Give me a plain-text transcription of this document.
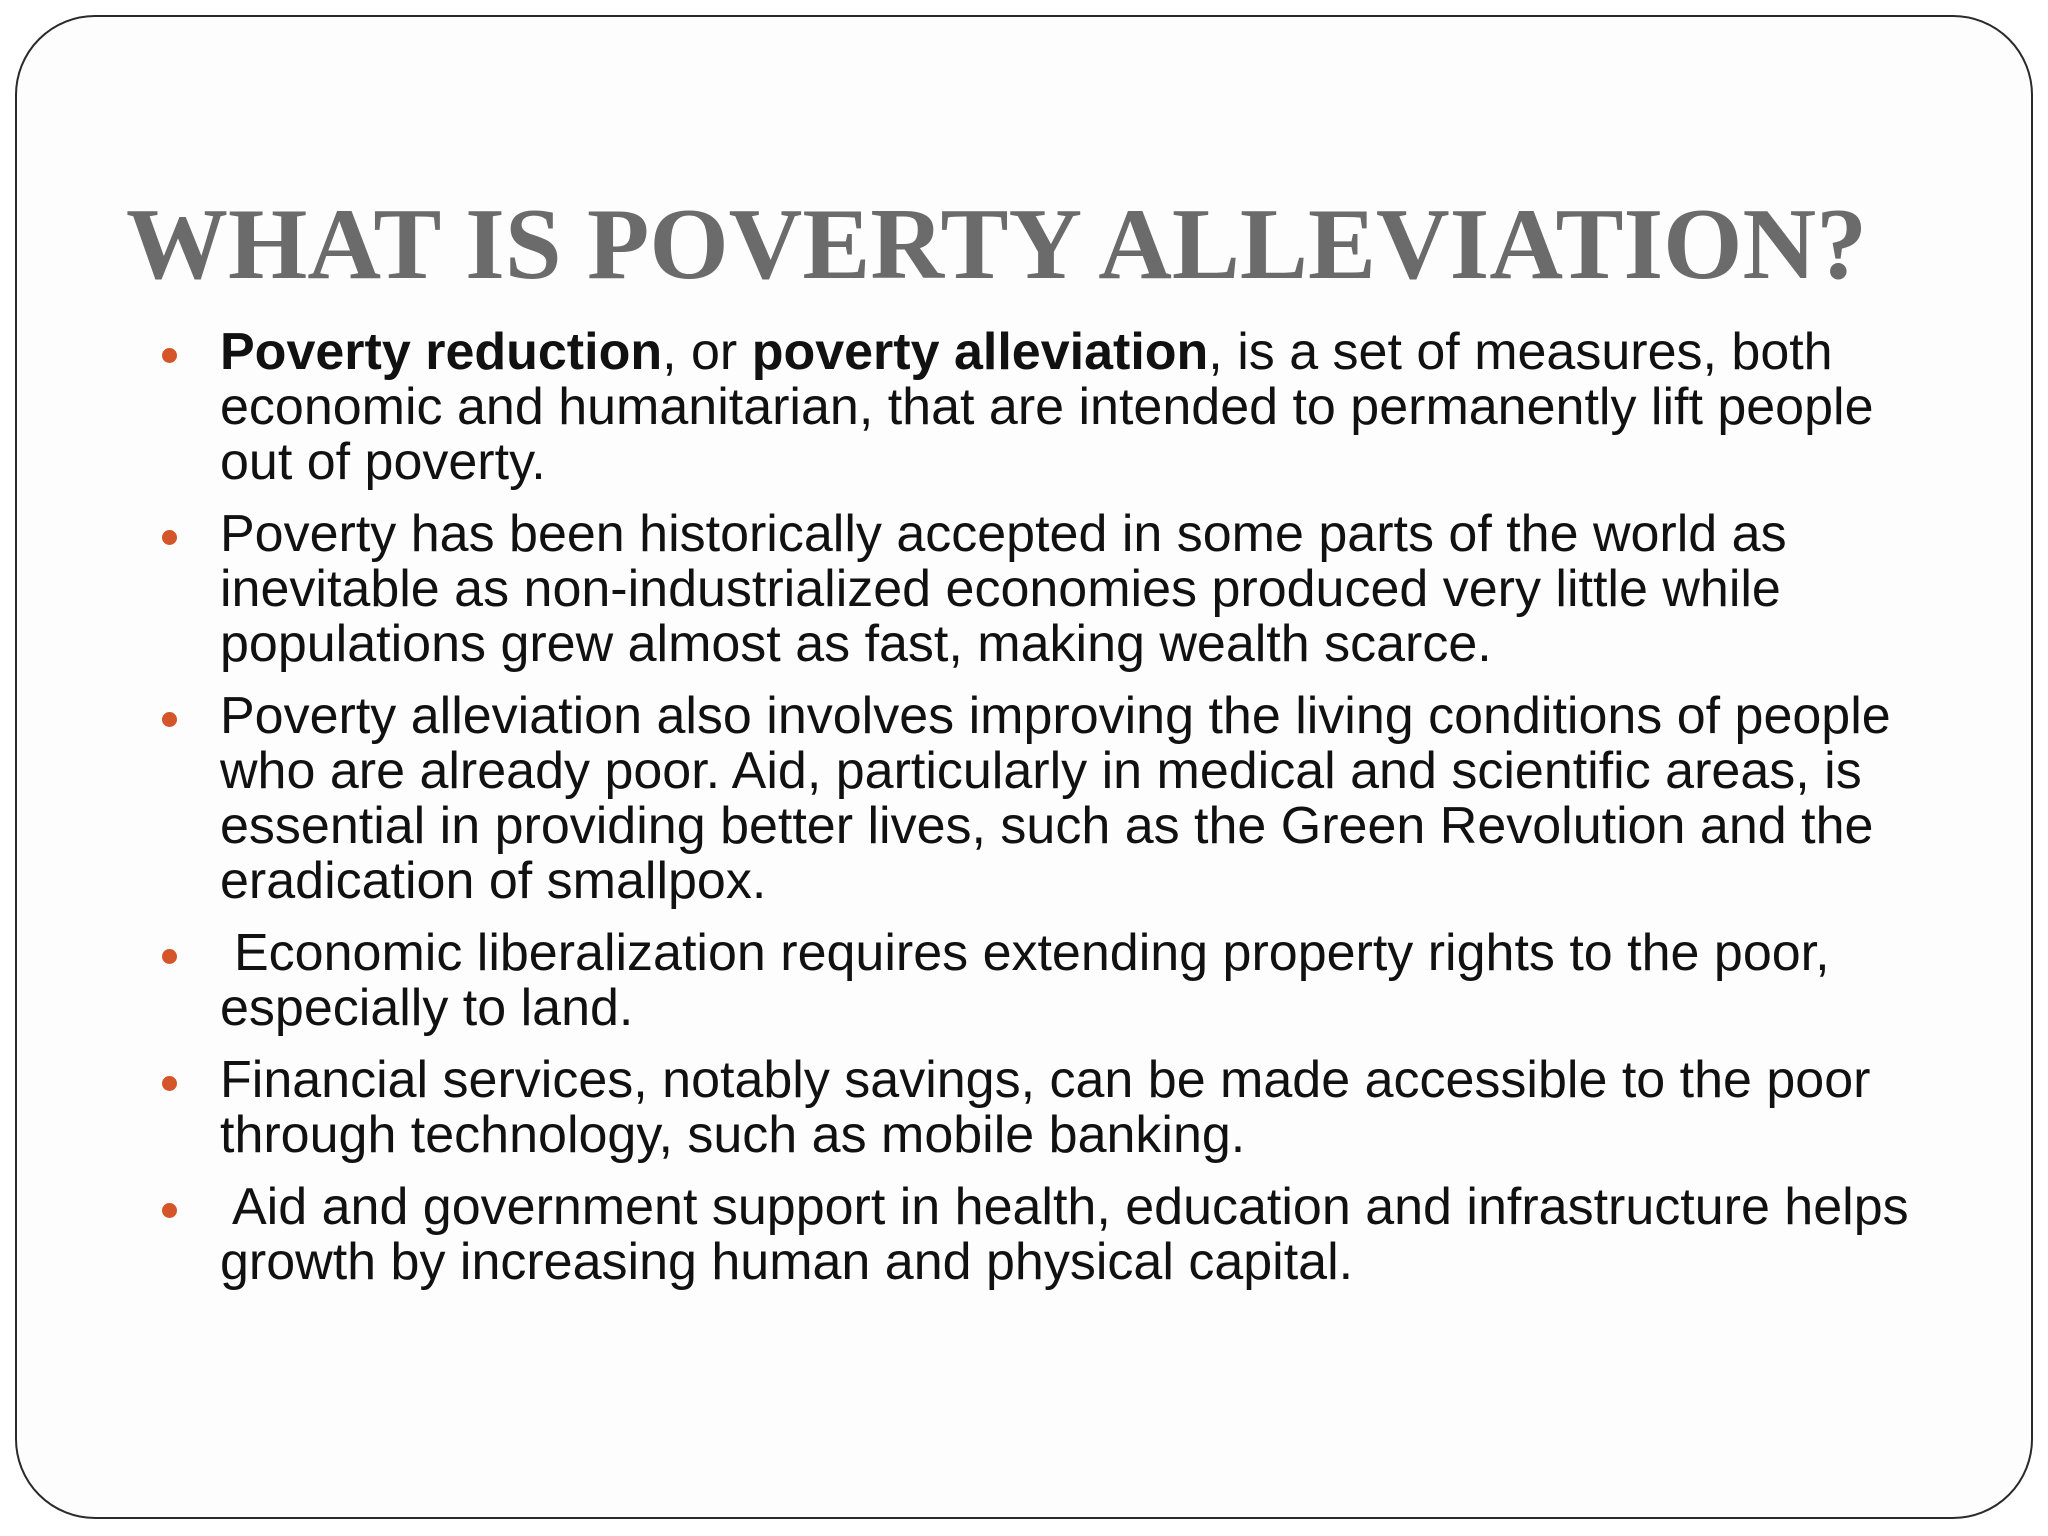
WHAT IS POVERTY ALLEVIATION?
Poverty reduction, or poverty alleviation, is a set of measures, both economic and humanitarian, that are intended to permanently lift people out of poverty.
Poverty has been historically accepted in some parts of the world as inevitable as non-industrialized economies produced very little while populations grew almost as fast, making wealth scarce.
Poverty alleviation also involves improving the living conditions of people who are already poor. Aid, particularly in medical and scientific areas, is essential in providing better lives, such as the Green Revolution and the eradication of smallpox.
Economic liberalization requires extending property rights to the poor, especially to land.
Financial services, notably savings, can be made accessible to the poor through technology, such as mobile banking.
Aid and government support in health, education and infrastructure helps growth by increasing human and physical capital.
